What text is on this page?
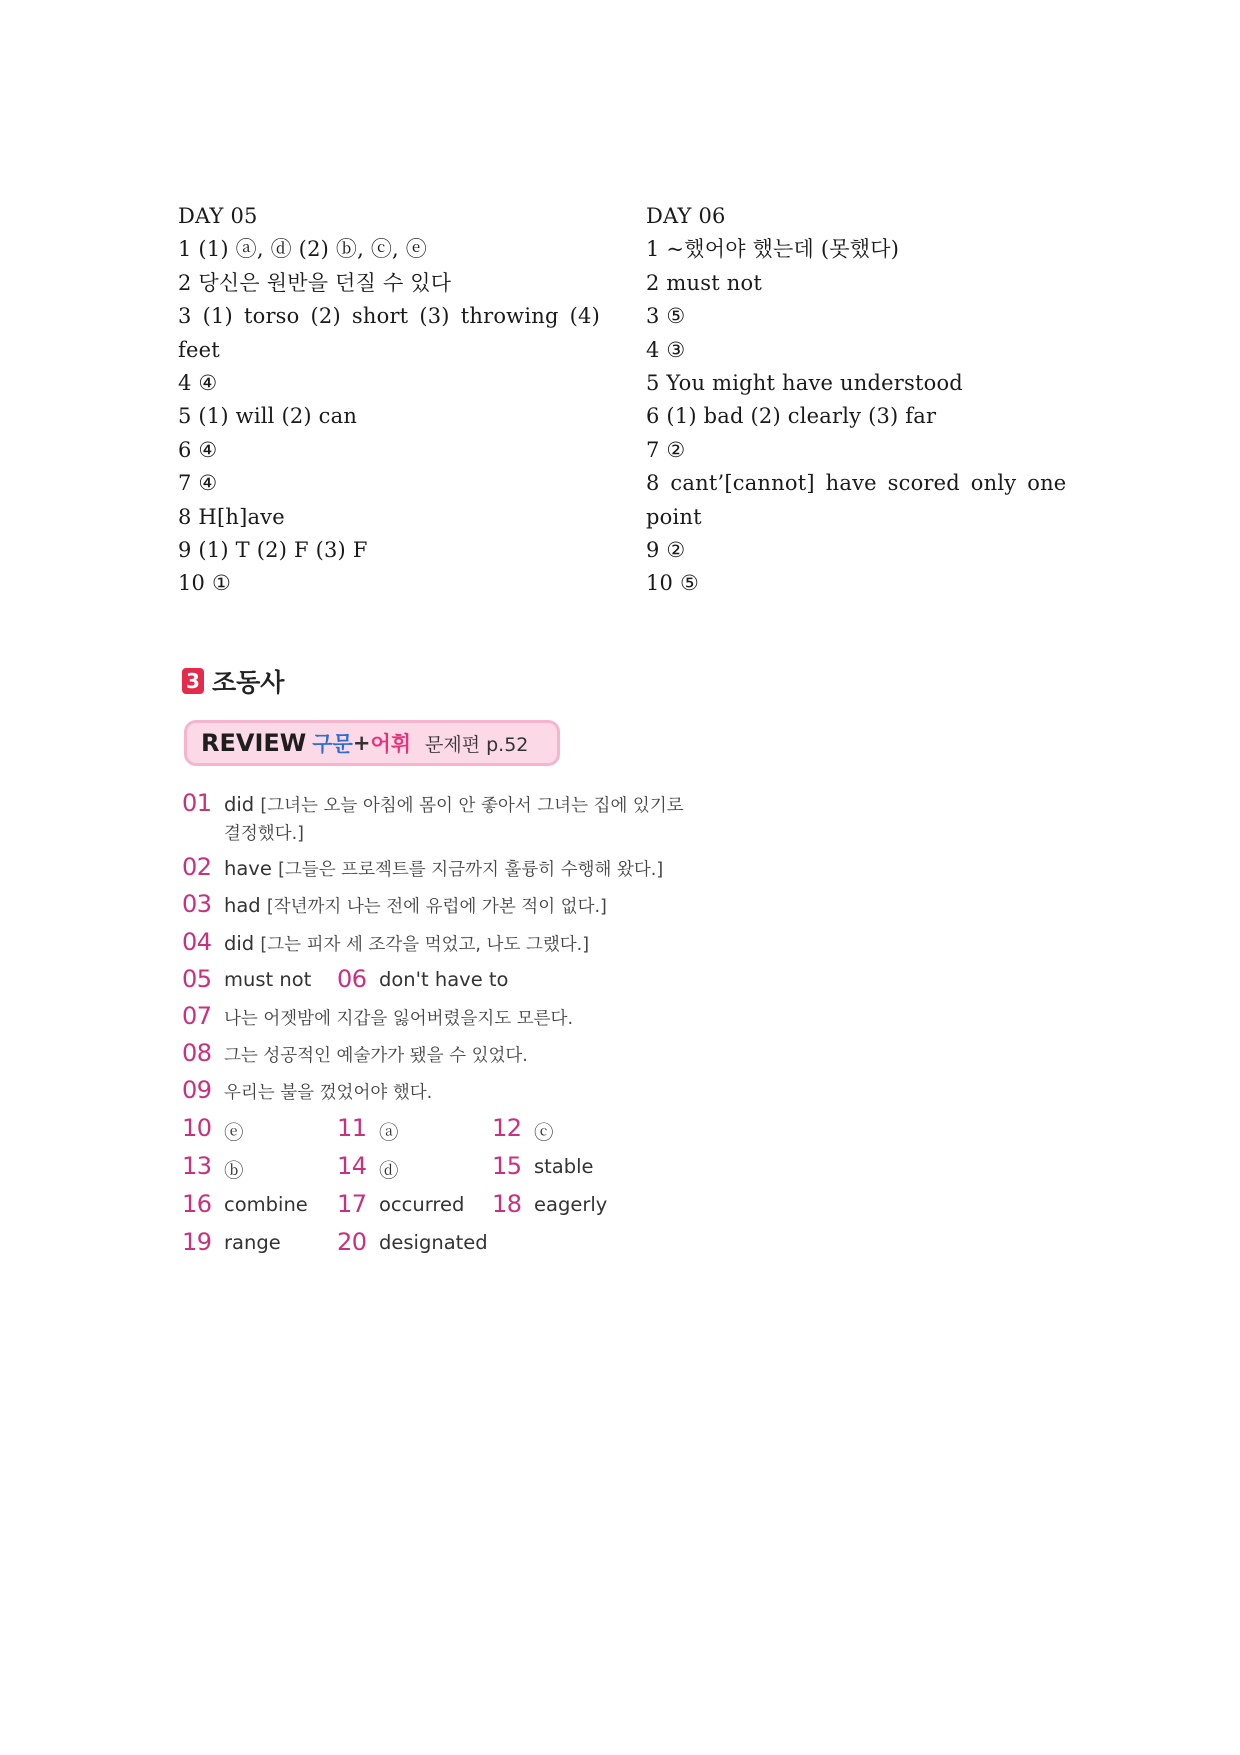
DAY 05
1 (1) ⓐ, ⓓ (2) ⓑ, ⓒ, ⓔ
2 당신은 원반을 던질 수 있다
3 (1) torso (2) short (3) throwing (4)
feet
4 ④
5 (1) will (2) can
6 ④
7 ④
8 H[h]ave
9 (1) T (2) F (3) F
10 ①
DAY 06
1 ~했어야 했는데 (못했다)
2 must not
3 ⑤
4 ③
5 You might have understood
6 (1) bad (2) clearly (3) far
7 ②
8 cant’[cannot] have scored only one
point
9 ②
10 ⑤
3 조동사
REVIEW 구문 + 어휘 문제편 p.52
01 did [그녀는 오늘 아침에 몸이 안 좋아서 그녀는 집에 있기로
결정했다.]
02 have [그들은 프로젝트를 지금까지 훌륭히 수행해 왔다.]
03 had [작년까지 나는 전에 유럽에 가본 적이 없다.]
04 did [그는 피자 세 조각을 먹었고, 나도 그랬다.]
05 must not 06 don't have to
07 나는 어젯밤에 지갑을 잃어버렸을지도 모른다.
08 그는 성공적인 예술가가 됐을 수 있었다.
09 우리는 불을 껐었어야 했다.
10 ⓔ	11 ⓐ	12 ⓒ
13 ⓑ	14 ⓓ	15 stable
16 combine 17 occurred 18 eagerly
19 range 20 designated
